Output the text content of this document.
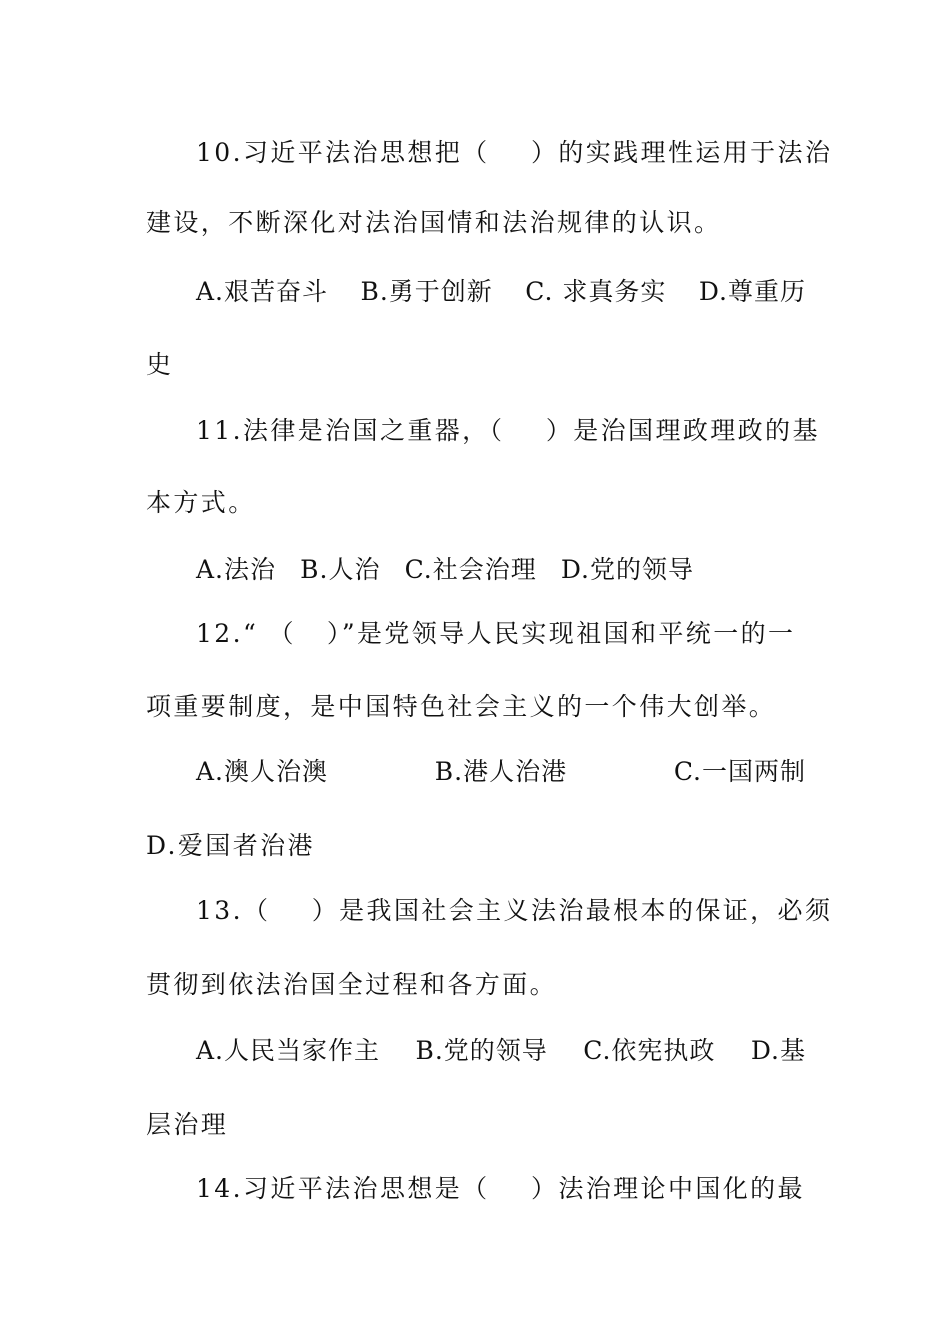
10.习近平法治思想把（    ）的实践理性运用于法治
建设，不断深化对法治国情和法治规律的认识。
A.艰苦奋斗 B.勇于创新 C. 求真务实 D.尊重历
史
11.法律是治国之重器，（    ）是治国理政理政的基
本方式。
A.法治 B.人治 C.社会治理 D.党的领导
12.“ （   ）”是党领导人民实现祖国和平统一的一
项重要制度，是中国特色社会主义的一个伟大创举。
A.澳人治澳	B.港人治港	C.一国两制
D.爱国者治港
13.（    ）是我国社会主义法治最根本的保证，必须
贯彻到依法治国全过程和各方面。
A.人民当家作主 B.党的领导 C.依宪执政 D.基
层治理
14.习近平法治思想是（    ）法治理论中国化的最
